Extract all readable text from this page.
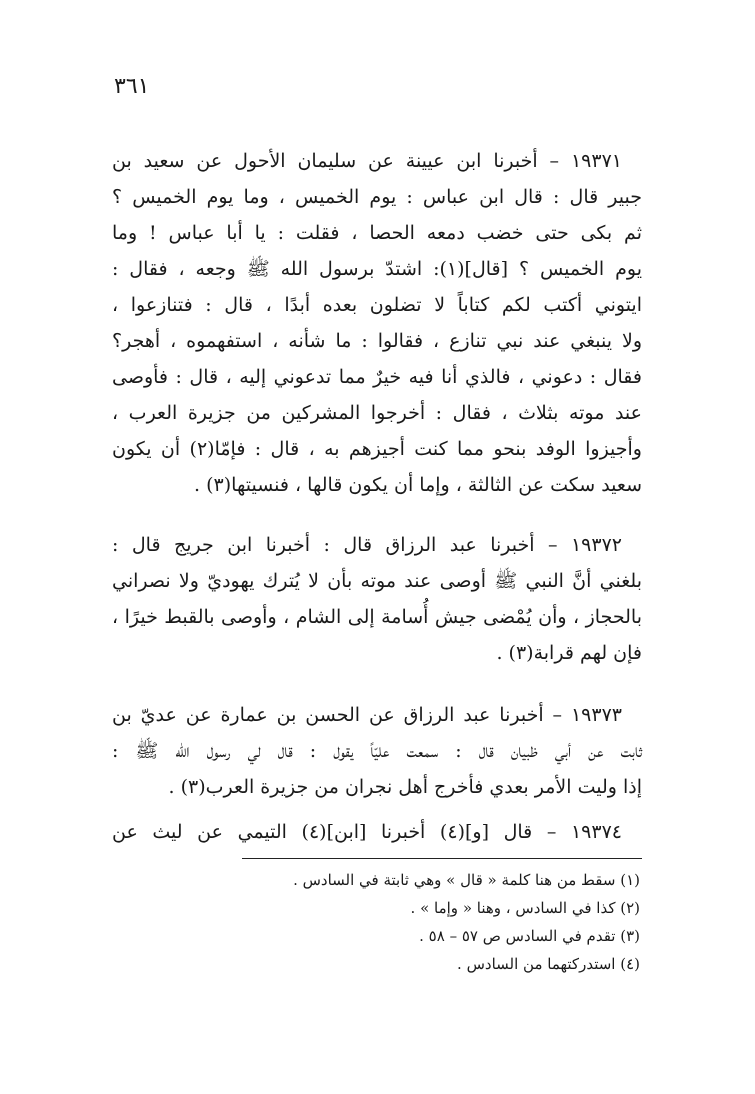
٣٦١
١٩٣٧١ – أخبرنا ابن عيينة عن سليمان الأحول عن سعيد بن
جبير قال : قال ابن عباس : يوم الخميس ، وما يوم الخميس ؟
ثم بكى حتى خضب دمعه الحصا ، فقلت : يا أبا عباس ! وما
يوم الخميس ؟ [قال](١): اشتدّ برسول الله ﷺ وجعه ، فقال :
ايتوني أكتب لكم كتاباً لا تضلون بعده أبدًا ، قال : فتنازعوا ،
ولا ينبغي عند نبي تنازع ، فقالوا : ما شأنه ، استفهموه ، أهجر؟
فقال : دعوني ، فالذي أنا فيه خيرٌ مما تدعوني إليه ، قال : فأوصى
عند موته بثلاث ، فقال : أخرجوا المشركين من جزيرة العرب ،
وأجيزوا الوفد بنحو مما كنت أجيزهم به ، قال : فإمّا(٢) أن يكون
سعيد سكت عن الثالثة ، وإما أن يكون قالها ، فنسيتها(٣) .
١٩٣٧٢ – أخبرنا عبد الرزاق قال : أخبرنا ابن جريج قال :
بلغني أنَّ النبي ﷺ أوصى عند موته بأن لا يُترك يهوديّ ولا نصراني
بالحجاز ، وأن يُمْضى جيش أُسامة إلى الشام ، وأوصى بالقبط خيرًا ،
فإن لهم قرابة(٣) .
١٩٣٧٣ – أخبرنا عبد الرزاق عن الحسن بن عمارة عن عديّ بن
ثابت عن أبي ظبيان قال : سمعت عليّاً يقول : قال لي رسول الله ﷺ :
إذا وليت الأمر بعدي فأخرج أهل نجران من جزيرة العرب(٣) .
١٩٣٧٤ – قال [و](٤) أخبرنا [ابن](٤) التيمي عن ليث عن
(١) سقط من هنا كلمة « قال » وهي ثابتة في السادس .
(٢) كذا في السادس ، وهنا « وإما » .
(٣) تقدم في السادس ص ٥٧ – ٥٨ .
(٤) استدركتهما من السادس .
